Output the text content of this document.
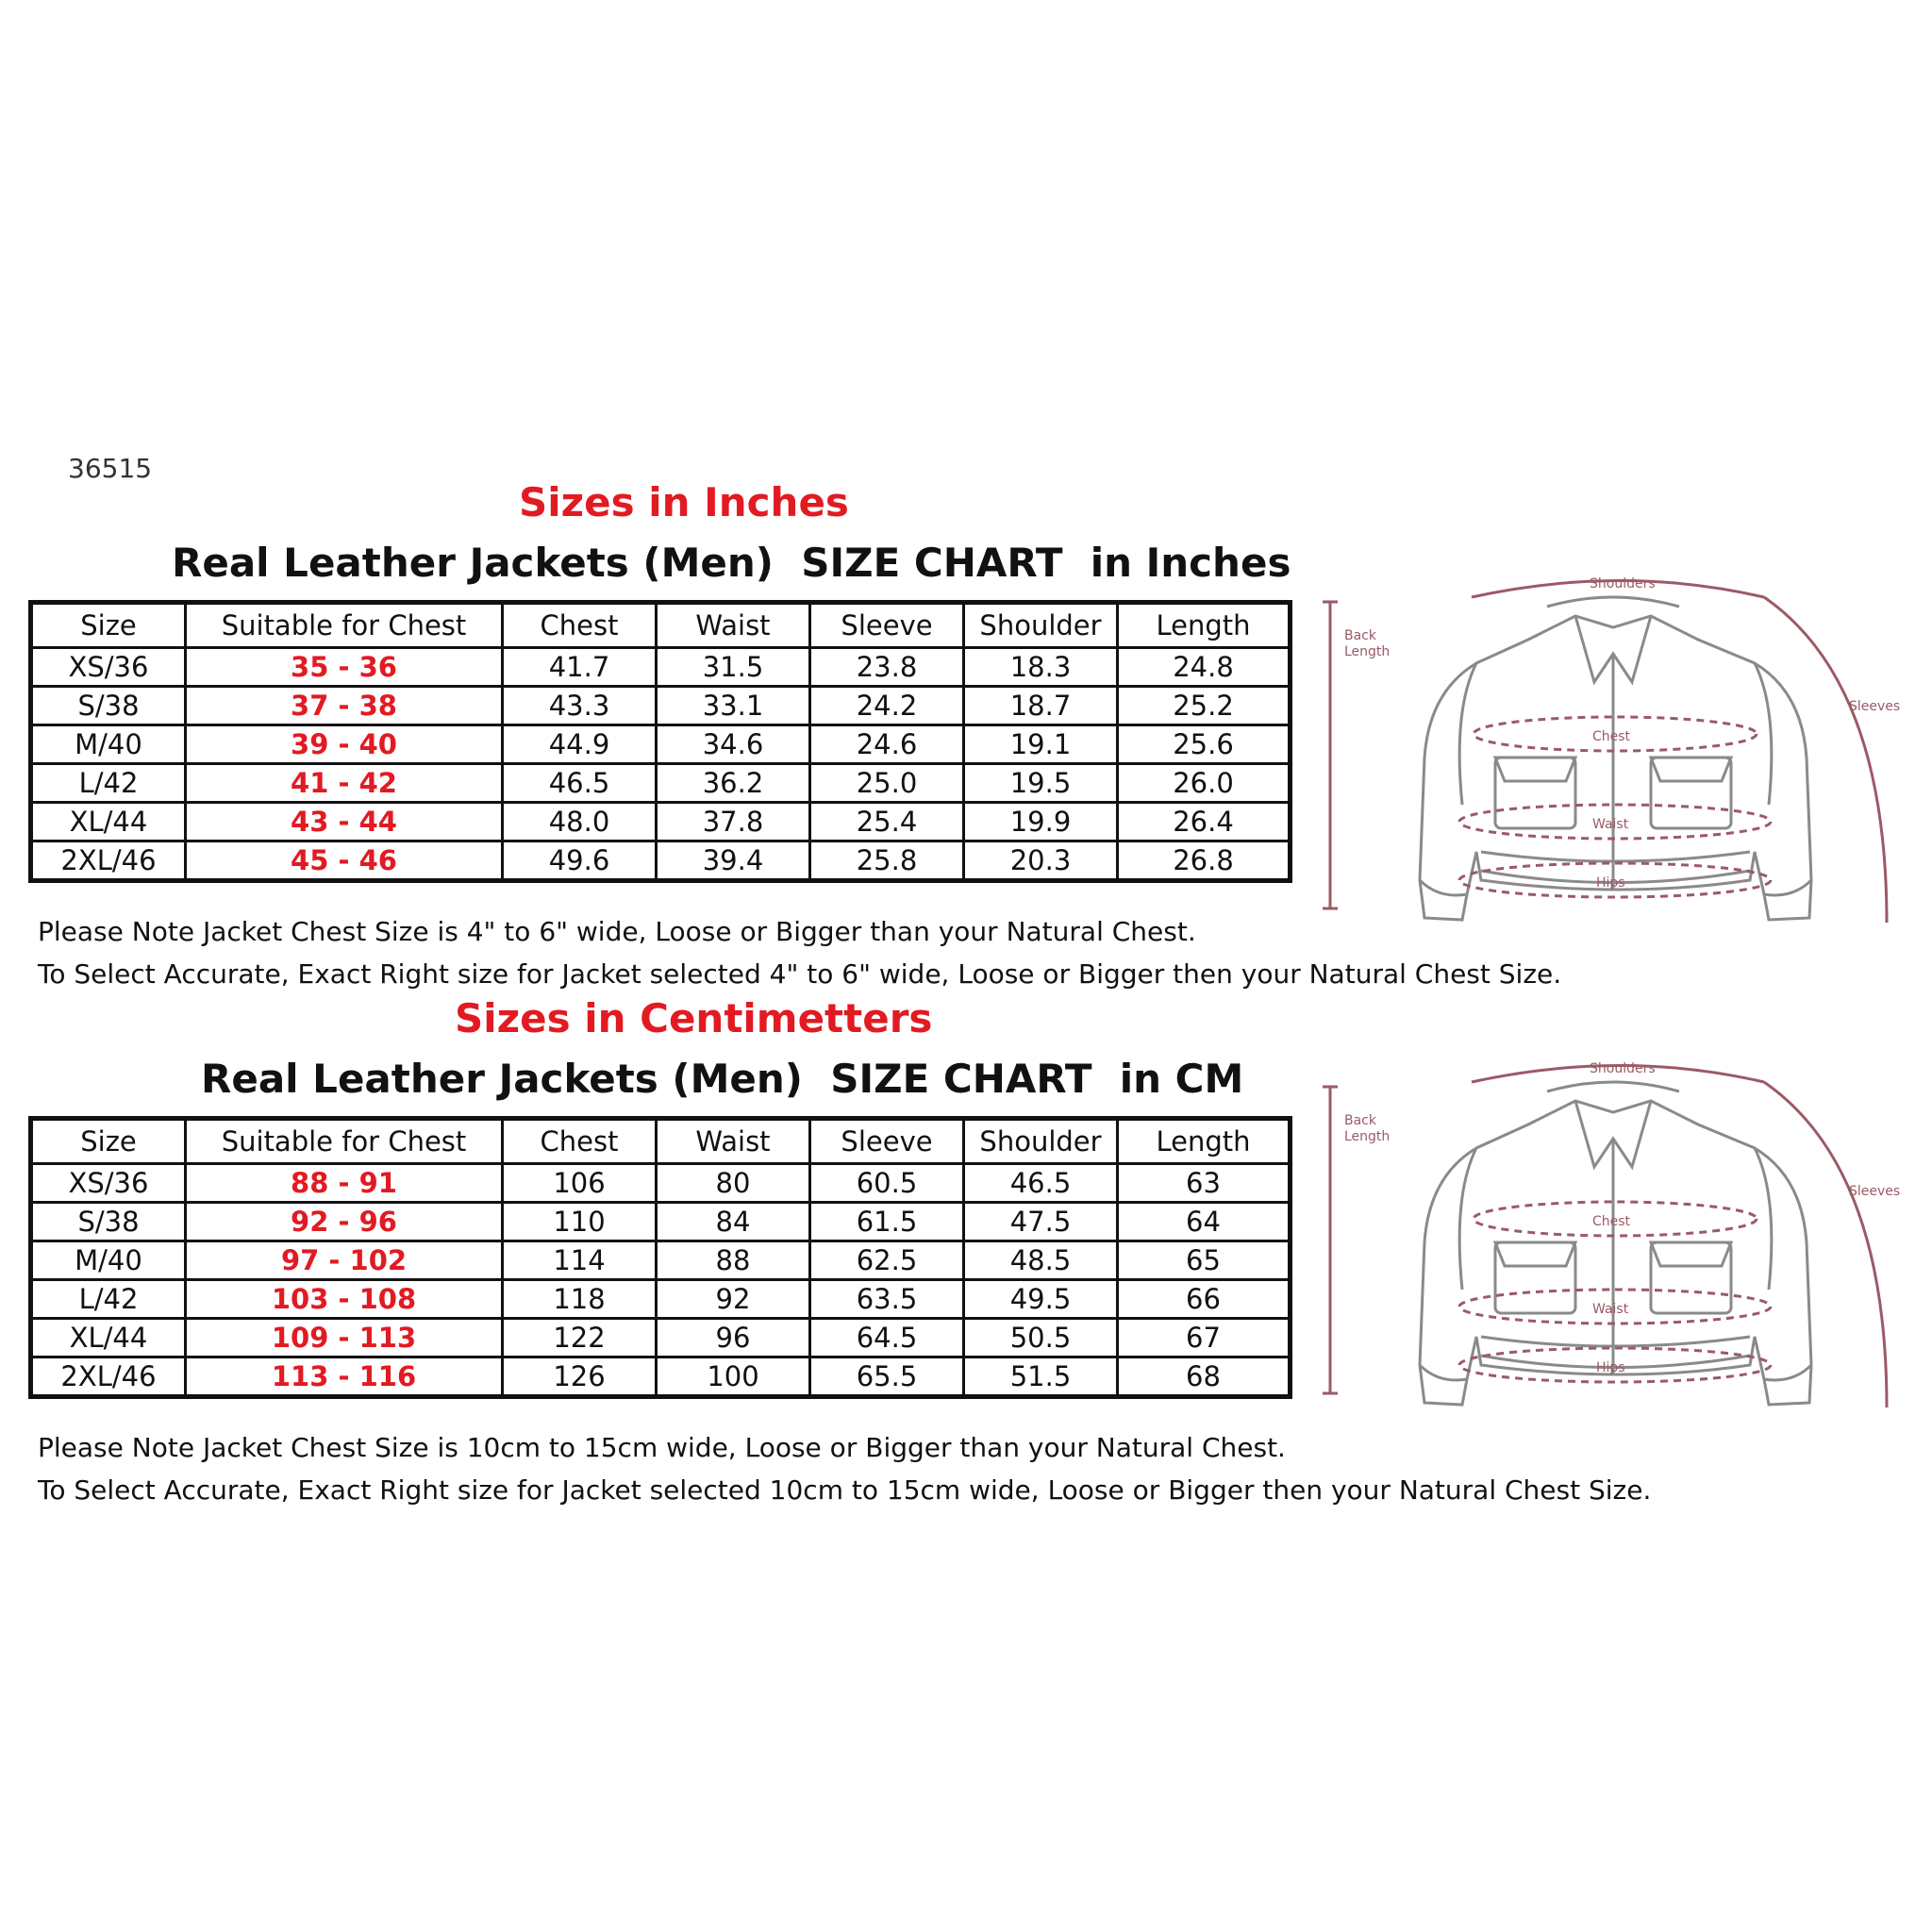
36515
Sizes in Inches
Real Leather Jackets (Men)  SIZE CHART  in Inches
Size	Suitable for Chest	Chest	Waist	Sleeve	Shoulder	Length
XS/36	35 - 36	41.7	31.5	23.8	18.3	24.8
S/38	37 - 38	43.3	33.1	24.2	18.7	25.2
M/40	39 - 40	44.9	34.6	24.6	19.1	25.6
L/42	41 - 42	46.5	36.2	25.0	19.5	26.0
XL/44	43 - 44	48.0	37.8	25.4	19.9	26.4
2XL/46	45 - 46	49.6	39.4	25.8	20.3	26.8
Please Note Jacket Chest Size is 4" to 6" wide, Loose or Bigger than your Natural Chest.
To Select Accurate, Exact Right size for Jacket selected 4" to 6" wide, Loose or Bigger then your Natural Chest Size.
Shoulders
Back
Length
Sleeves
Chest
Waist
Hips
Sizes in Centimetters
Real Leather Jackets (Men)  SIZE CHART  in CM
Size	Suitable for Chest	Chest	Waist	Sleeve	Shoulder	Length
XS/36	88 - 91	106	80	60.5	46.5	63
S/38	92 - 96	110	84	61.5	47.5	64
M/40	97 - 102	114	88	62.5	48.5	65
L/42	103 - 108	118	92	63.5	49.5	66
XL/44	109 - 113	122	96	64.5	50.5	67
2XL/46	113 - 116	126	100	65.5	51.5	68
Please Note Jacket Chest Size is 10cm to 15cm wide, Loose or Bigger than your Natural Chest.
To Select Accurate, Exact Right size for Jacket selected 10cm to 15cm wide, Loose or Bigger then your Natural Chest Size.
Shoulders
Back
Length
Sleeves
Chest
Waist
Hips
